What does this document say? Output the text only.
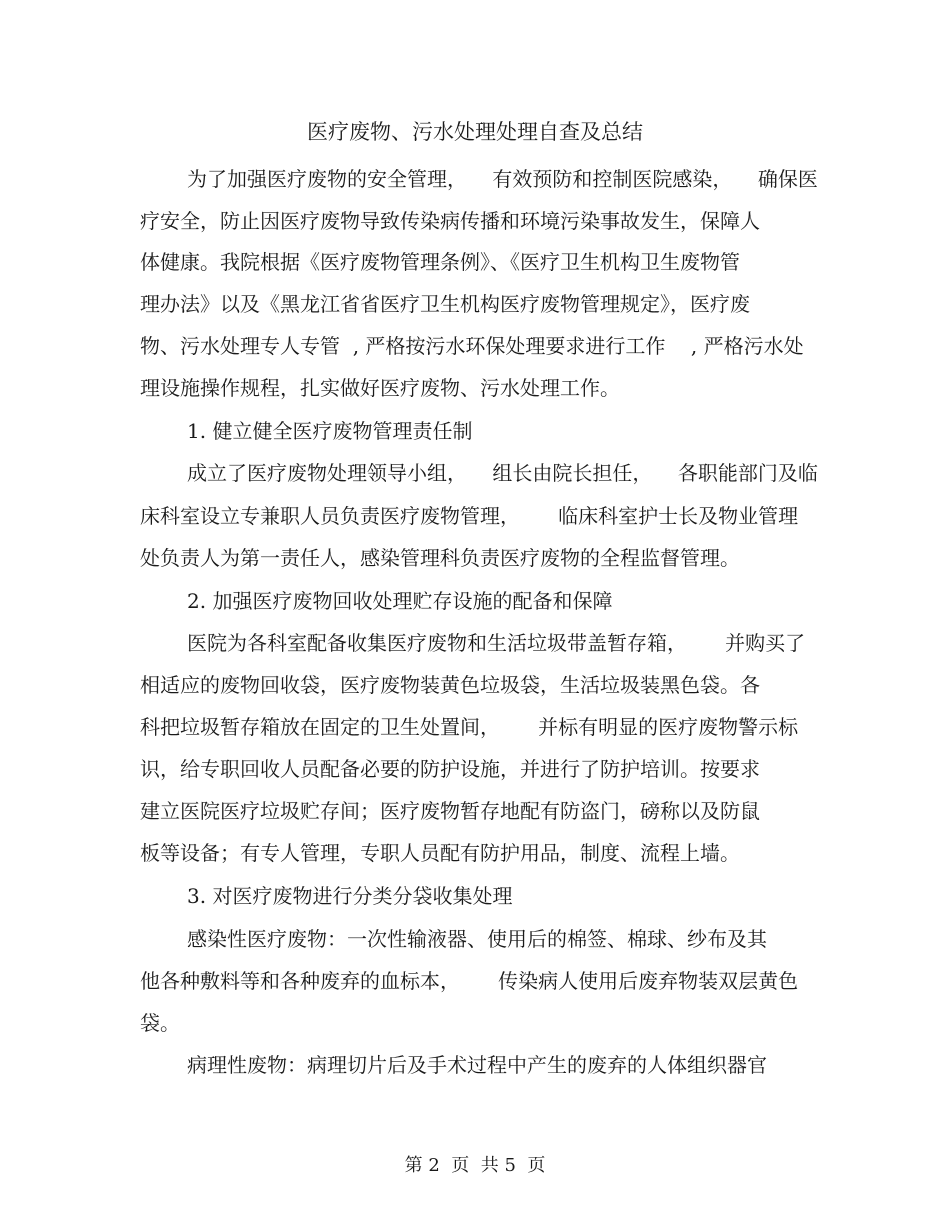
医疗废物、污水处理处理自查及总结
为了加强医疗废物的安全管理，    有效预防和控制医院感染，    确保医
疗安全，防止因医疗废物导致传染病传播和环境污染事故发生，保障人
体健康。我院根据《医疗废物管理条例》、《医疗卫生机构卫生废物管
理办法》以及《黑龙江省省医疗卫生机构医疗废物管理规定》，医疗废
物、污水处理专人专管  , 严格按污水环保处理要求进行工作    , 严格污水处
理设施操作规程，扎实做好医疗废物、污水处理工作。
1. 健立健全医疗废物管理责任制
成立了医疗废物处理领导小组，    组长由院长担任，    各职能部门及临
床科室设立专兼职人员负责医疗废物管理，      临床科室护士长及物业管理
处负责人为第一责任人，感染管理科负责医疗废物的全程监督管理。
2. 加强医疗废物回收处理贮存设施的配备和保障
医院为各科室配备收集医疗废物和生活垃圾带盖暂存箱，      并购买了
相适应的废物回收袋，医疗废物装黄色垃圾袋，生活垃圾装黑色袋。各
科把垃圾暂存箱放在固定的卫生处置间，      并标有明显的医疗废物警示标
识，给专职回收人员配备必要的防护设施，并进行了防护培训。按要求
建立医院医疗垃圾贮存间；医疗废物暂存地配有防盗门，磅称以及防鼠
板等设备；有专人管理，专职人员配有防护用品，制度、流程上墙。
3. 对医疗废物进行分类分袋收集处理
感染性医疗废物：一次性输液器、使用后的棉签、棉球、纱布及其
他各种敷料等和各种废弃的血标本，      传染病人使用后废弃物装双层黄色
袋。
病理性废物：病理切片后及手术过程中产生的废弃的人体组织器官
第 2  页  共 5  页
